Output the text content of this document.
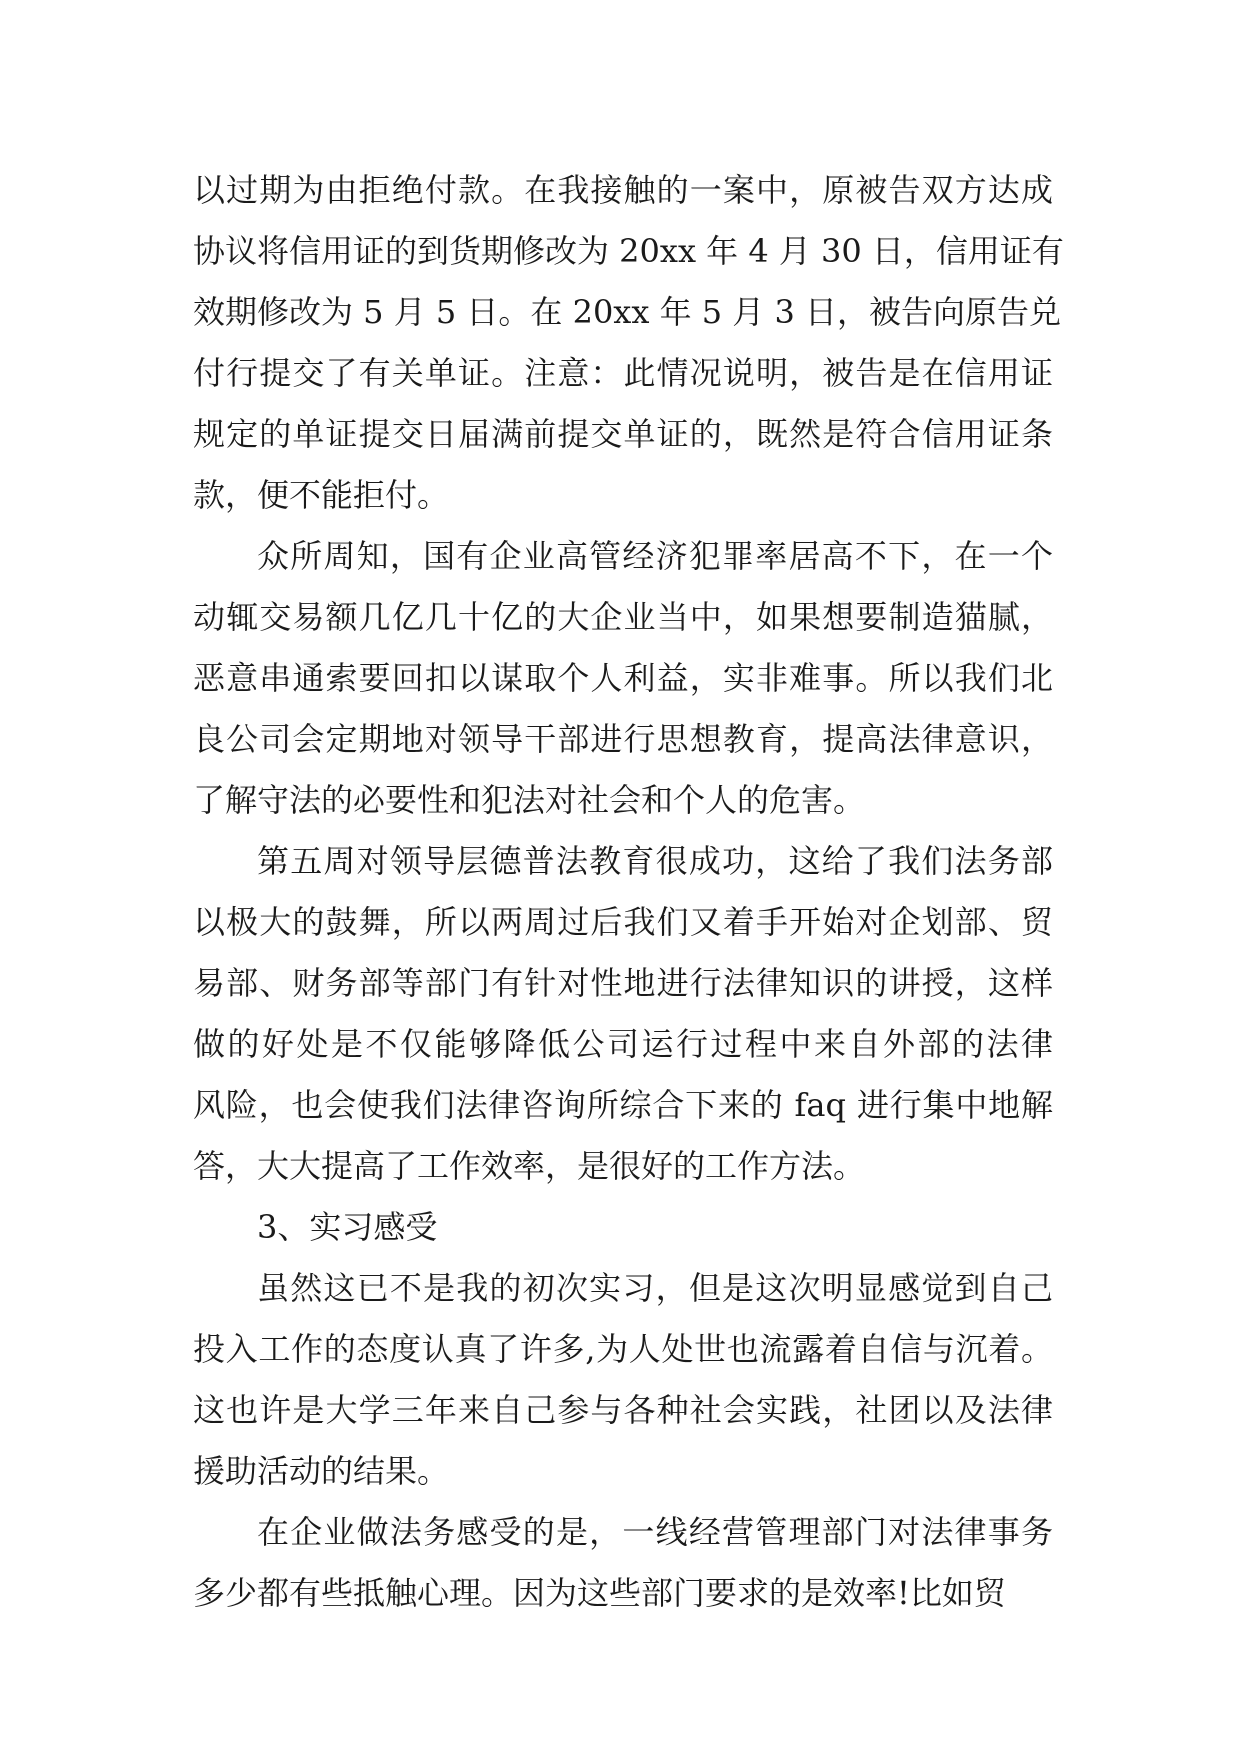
以过期为由拒绝付款。在我接触的一案中，原被告双方达成
协议将信用证的到货期修改为 20xx 年 4 月 30 日，信用证有
效期修改为 5 月 5 日。在 20xx 年 5 月 3 日，被告向原告兑
付行提交了有关单证。注意：此情况说明，被告是在信用证
规定的单证提交日届满前提交单证的，既然是符合信用证条
款，便不能拒付。
众所周知，国有企业高管经济犯罪率居高不下，在一个
动辄交易额几亿几十亿的大企业当中，如果想要制造猫腻，
恶意串通索要回扣以谋取个人利益，实非难事。所以我们北
良公司会定期地对领导干部进行思想教育，提高法律意识，
了解守法的必要性和犯法对社会和个人的危害。
第五周对领导层德普法教育很成功，这给了我们法务部
以极大的鼓舞，所以两周过后我们又着手开始对企划部、贸
易部、财务部等部门有针对性地进行法律知识的讲授，这样
做的好处是不仅能够降低公司运行过程中来自外部的法律
风险，也会使我们法律咨询所综合下来的 faq 进行集中地解
答，大大提高了工作效率，是很好的工作方法。
3、实习感受
虽然这已不是我的初次实习，但是这次明显感觉到自己
投入工作的态度认真了许多,为人处世也流露着自信与沉着。
这也许是大学三年来自己参与各种社会实践，社团以及法律
援助活动的结果。
在企业做法务感受的是，一线经营管理部门对法律事务
多少都有些抵触心理。因为这些部门要求的是效率!比如贸
